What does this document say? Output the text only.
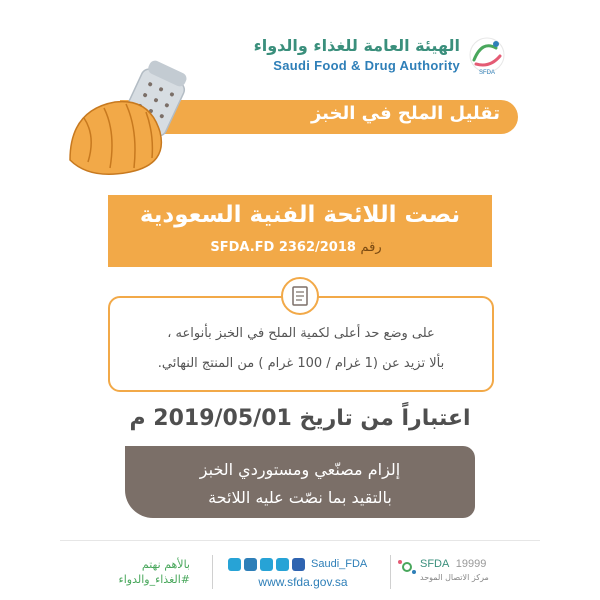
الهيئة العامة للغذاء والدواء
Saudi Food & Drug Authority	SFDA
تقليل الملح في الخبز
نصت اللائحة الفنية السعودية
SFDA.FD 2362/2018 رقم
على وضع حد أعلى لكمية الملح في الخبز بأنواعه ،
بألا تزيد عن (1 غرام / 100 غرام ) من المنتج النهائي.
اعتباراً من تاريخ 2019/05/01 م
إلزام مصنّعي ومستوردي الخبز
بالتقيد بما نصّت عليه اللائحة
بالأهم نهتم
#الغذاء_والدواء
Saudi_FDA
www.sfda.gov.sa
SFDA 19999
مركز الاتصال الموحد
